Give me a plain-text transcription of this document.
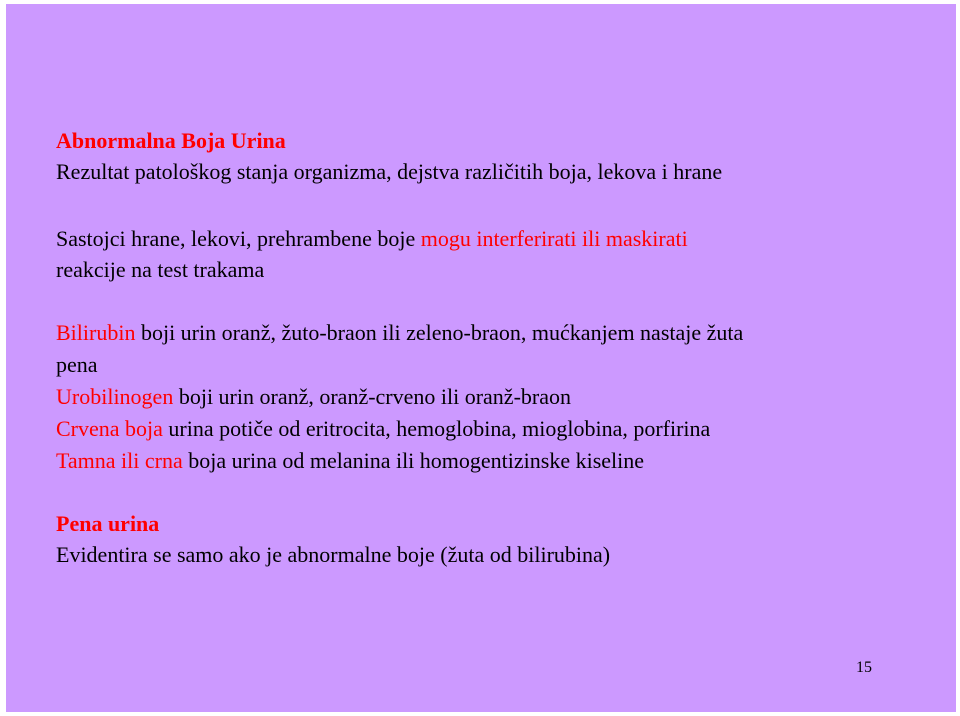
Abnormalna Boja Urina
Rezultat patološkog stanja organizma, dejstva različitih boja, lekova i hrane
Sastojci hrane, lekovi, prehrambene boje mogu interferirati ili maskirati
reakcije na test trakama
Bilirubin boji urin oranž, žuto-braon ili zeleno-braon, mućkanjem nastaje žuta
pena
Urobilinogen boji urin oranž, oranž-crveno ili oranž-braon
Crvena boja urina potiče od eritrocita, hemoglobina, mioglobina, porfirina
Tamna ili crna boja urina od melanina ili homogentizinske kiseline
Pena urina
Evidentira se samo ako je abnormalne boje (žuta od bilirubina)
15
